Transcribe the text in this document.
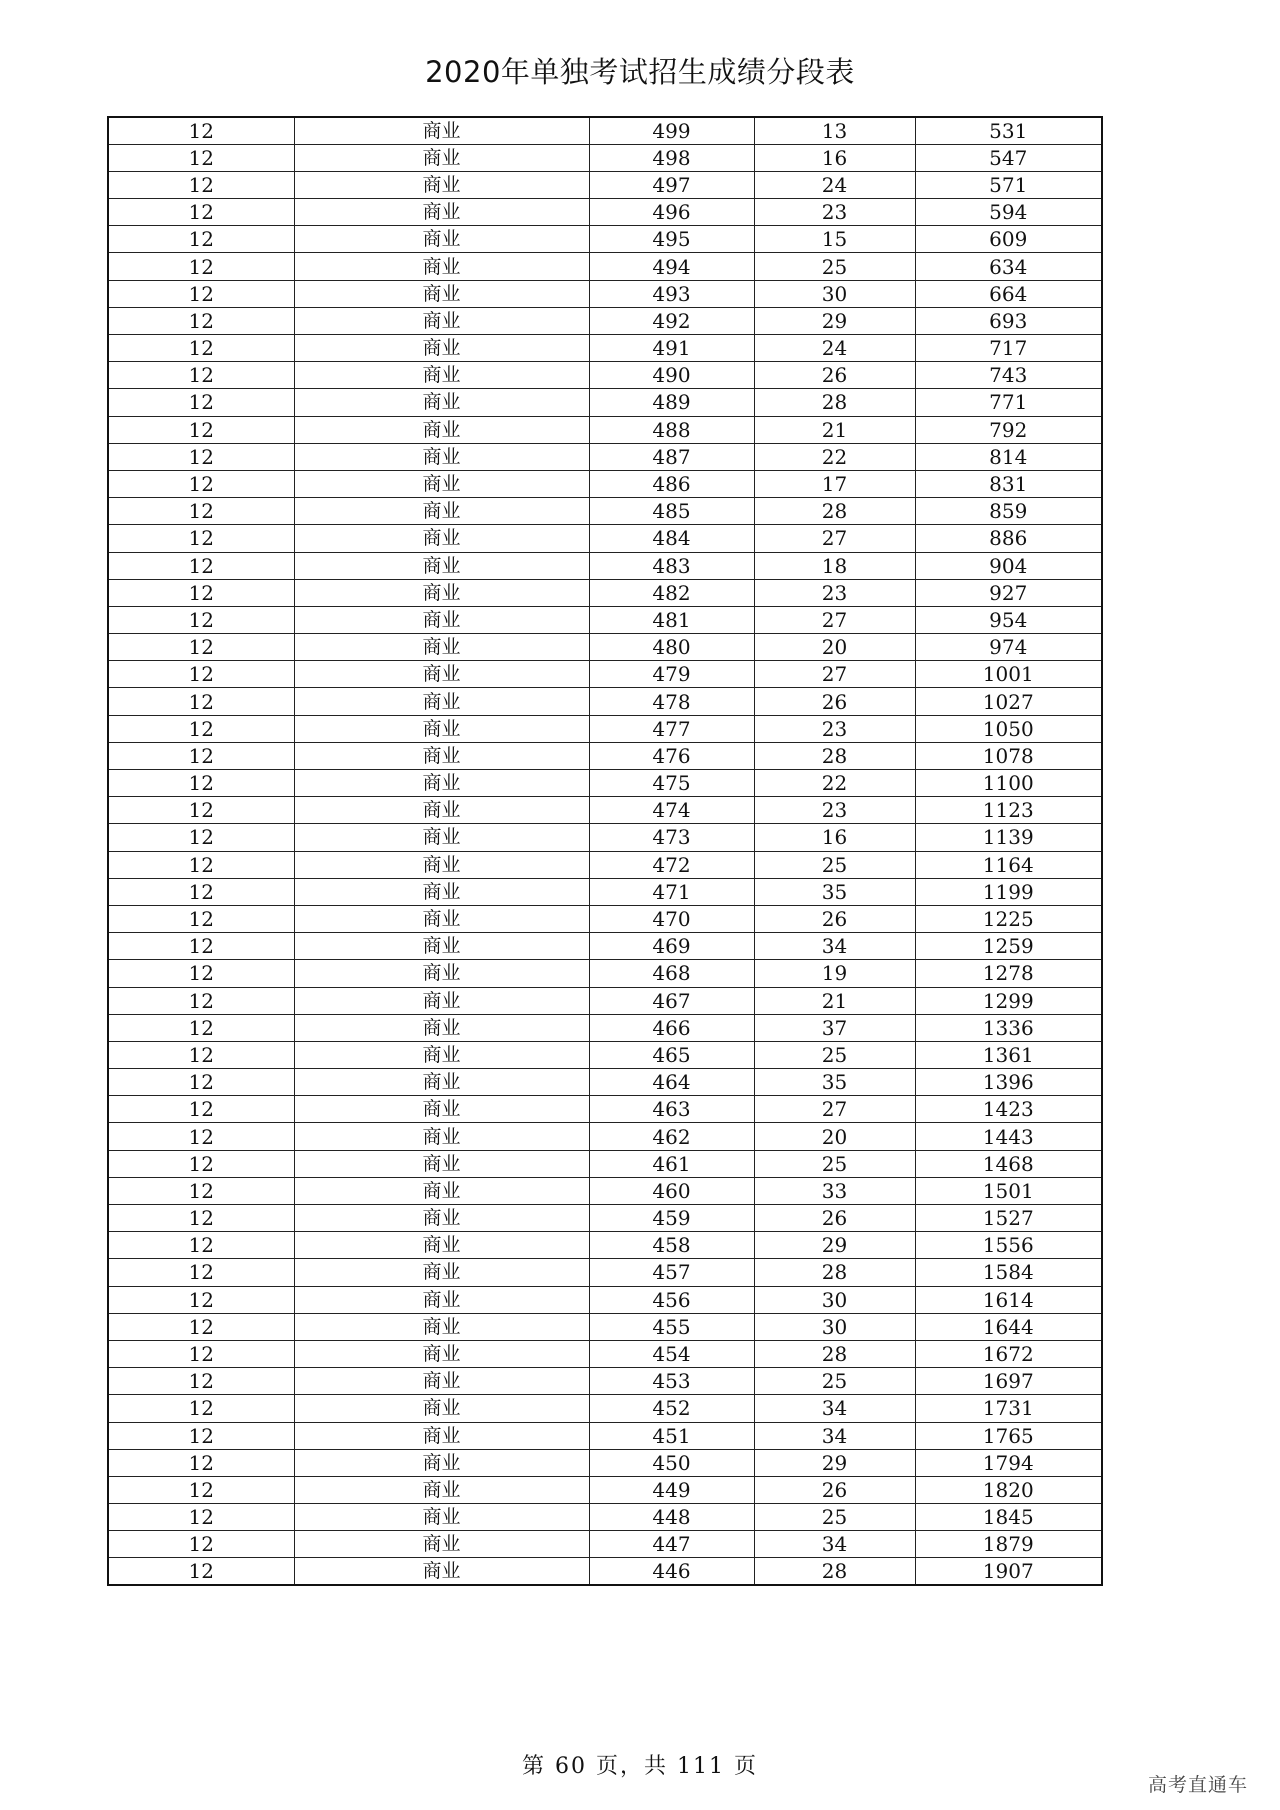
2020年单独考试招生成绩分段表
12	商业	499	13	531
12	商业	498	16	547
12	商业	497	24	571
12	商业	496	23	594
12	商业	495	15	609
12	商业	494	25	634
12	商业	493	30	664
12	商业	492	29	693
12	商业	491	24	717
12	商业	490	26	743
12	商业	489	28	771
12	商业	488	21	792
12	商业	487	22	814
12	商业	486	17	831
12	商业	485	28	859
12	商业	484	27	886
12	商业	483	18	904
12	商业	482	23	927
12	商业	481	27	954
12	商业	480	20	974
12	商业	479	27	1001
12	商业	478	26	1027
12	商业	477	23	1050
12	商业	476	28	1078
12	商业	475	22	1100
12	商业	474	23	1123
12	商业	473	16	1139
12	商业	472	25	1164
12	商业	471	35	1199
12	商业	470	26	1225
12	商业	469	34	1259
12	商业	468	19	1278
12	商业	467	21	1299
12	商业	466	37	1336
12	商业	465	25	1361
12	商业	464	35	1396
12	商业	463	27	1423
12	商业	462	20	1443
12	商业	461	25	1468
12	商业	460	33	1501
12	商业	459	26	1527
12	商业	458	29	1556
12	商业	457	28	1584
12	商业	456	30	1614
12	商业	455	30	1644
12	商业	454	28	1672
12	商业	453	25	1697
12	商业	452	34	1731
12	商业	451	34	1765
12	商业	450	29	1794
12	商业	449	26	1820
12	商业	448	25	1845
12	商业	447	34	1879
12	商业	446	28	1907
第 60 页，共 111 页
高考直通车
